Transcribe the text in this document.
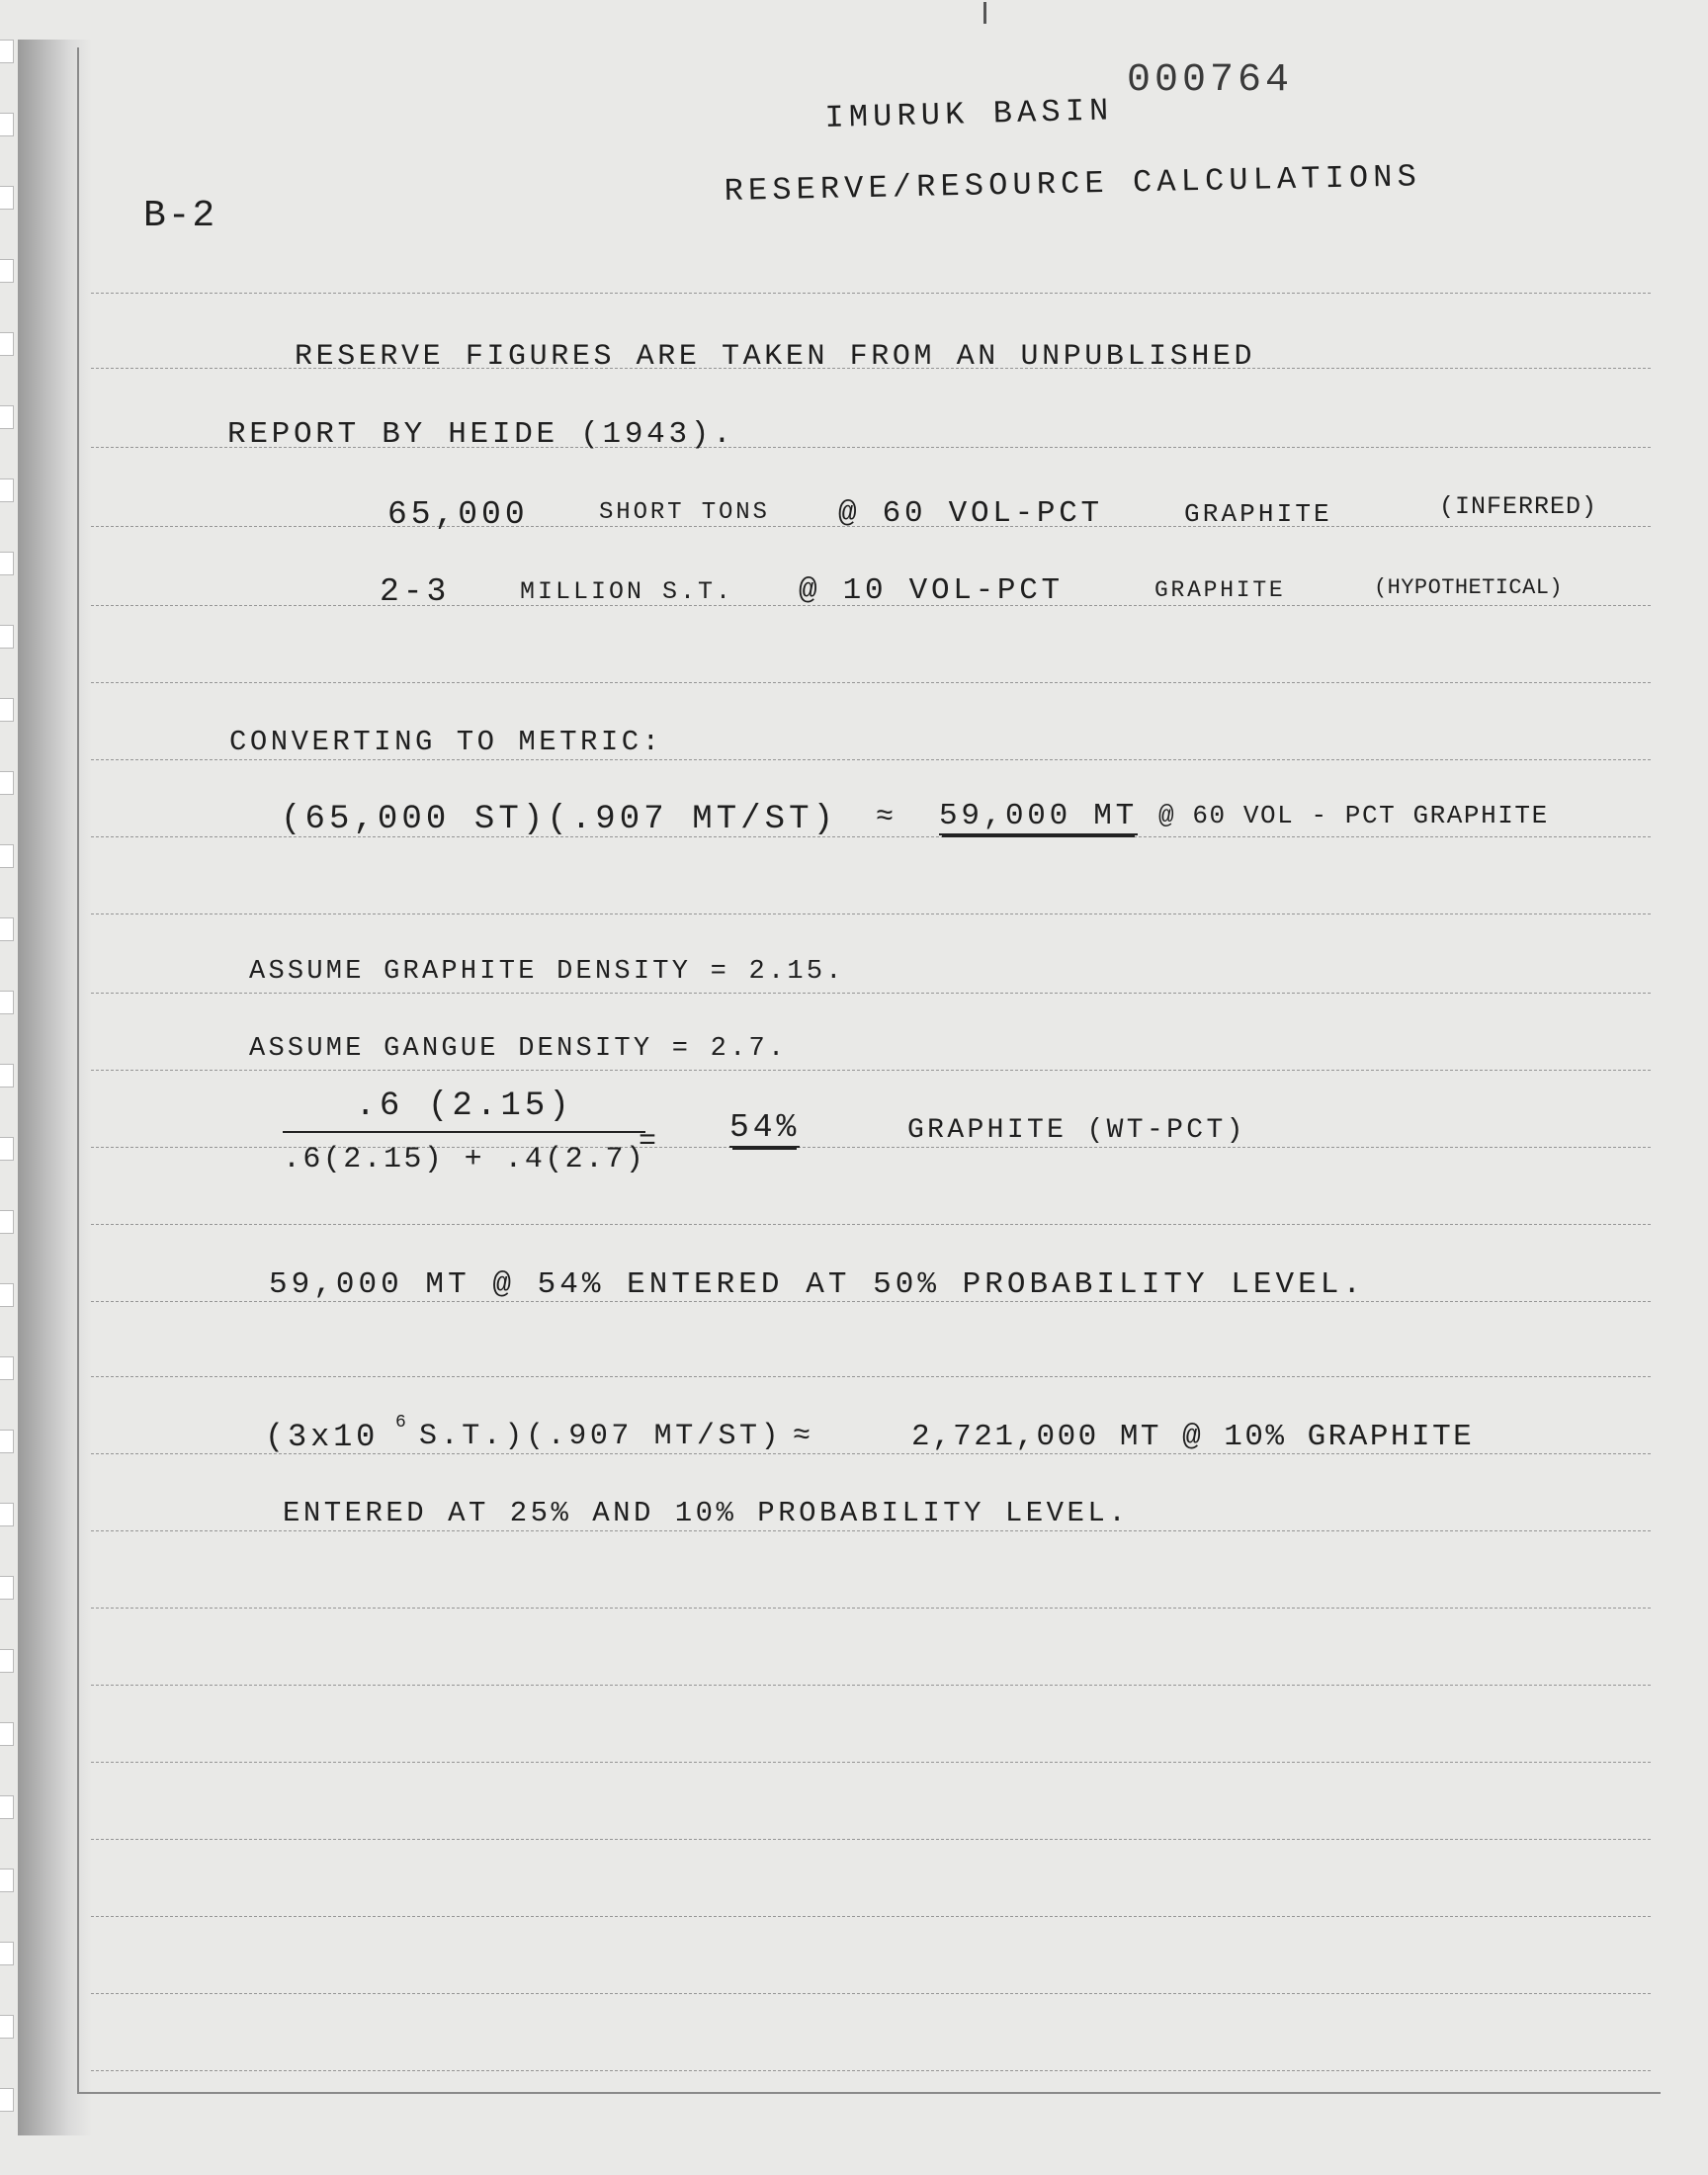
000764
B-2
IMURUK BASIN
RESERVE/RESOURCE CALCULATIONS
RESERVE FIGURES ARE TAKEN FROM AN UNPUBLISHED
REPORT BY HEIDE (1943).
65,000	SHORT TONS @ 60 VOL-PCT	GRAPHITE	(INFERRED)
2-3	MILLION S.T. @ 10 VOL-PCT	GRAPHITE	(HYPOTHETICAL)
CONVERTING TO METRIC:
(65,000 ST)(.907 MT/ST) ≈ 59,000 MT @ 60 VOL - PCT GRAPHITE
ASSUME GRAPHITE DENSITY = 2.15.
ASSUME GANGUE DENSITY = 2.7.
$\frac{.6 (2.15)}{.6(2.15) + .4(2.7)}$
= 54%	GRAPHITE (WT-PCT)
59,000 MT @ 54% ENTERED AT 50% PROBABILITY LEVEL.
(3x10 6 S.T.)(.907 MT/ST) ≈	2,721,000 MT @ 10% GRAPHITE
ENTERED AT 25% AND 10% PROBABILITY LEVEL.
